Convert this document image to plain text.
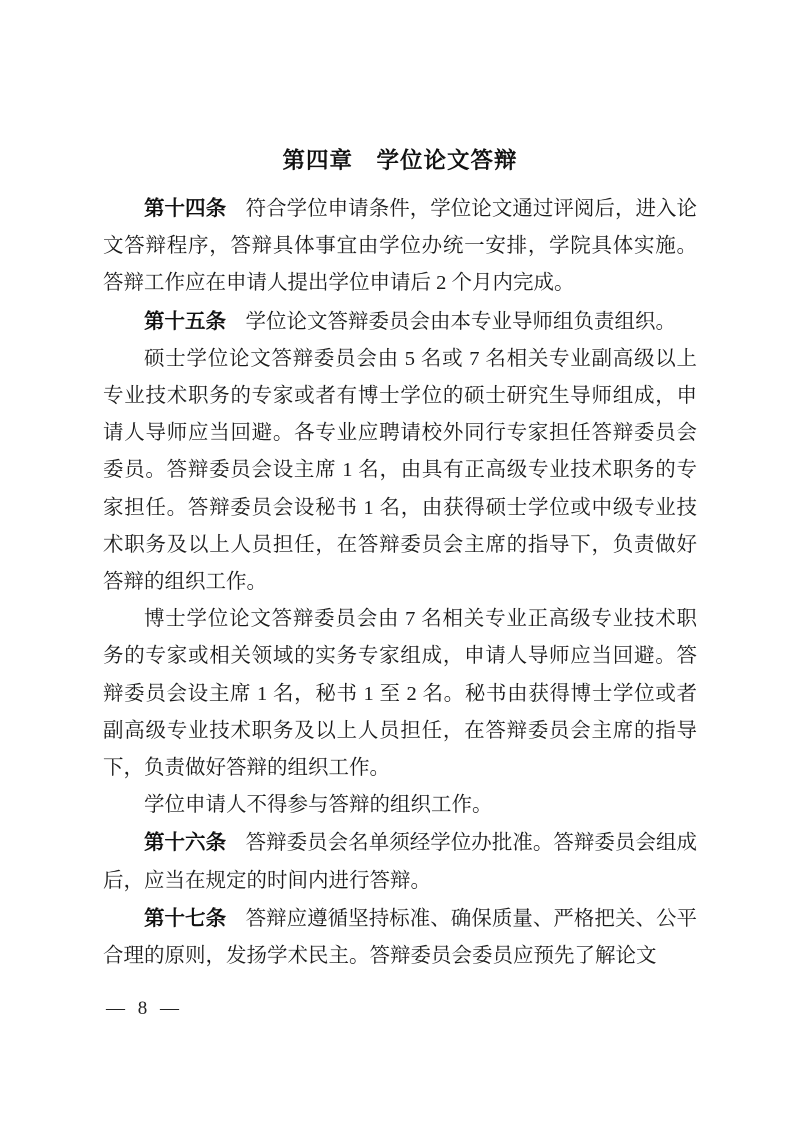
第四章　学位论文答辩

第十四条 符合学位申请条件，学位论文通过评阅后，进入论文答辩程序，答辩具体事宜由学位办统一安排，学院具体实施。答辩工作应在申请人提出学位申请后 2 个月内完成。

第十五条 学位论文答辩委员会由本专业导师组负责组织。

硕士学位论文答辩委员会由 5 名或 7 名相关专业副高级以上专业技术职务的专家或者有博士学位的硕士研究生导师组成，申请人导师应当回避。各专业应聘请校外同行专家担任答辩委员会委员。答辩委员会设主席 1 名，由具有正高级专业技术职务的专家担任。答辩委员会设秘书 1 名，由获得硕士学位或中级专业技术职务及以上人员担任，在答辩委员会主席的指导下，负责做好答辩的组织工作。

博士学位论文答辩委员会由 7 名相关专业正高级专业技术职务的专家或相关领域的实务专家组成，申请人导师应当回避。答辩委员会设主席 1 名，秘书 1 至 2 名。秘书由获得博士学位或者副高级专业技术职务及以上人员担任，在答辩委员会主席的指导下，负责做好答辩的组织工作。

学位申请人不得参与答辩的组织工作。

第十六条 答辩委员会名单须经学位办批准。答辩委员会组成后，应当在规定的时间内进行答辩。

第十七条 答辩应遵循坚持标准、确保质量、严格把关、公平合理的原则，发扬学术民主。答辩委员会委员应预先了解论文

— 8 —
